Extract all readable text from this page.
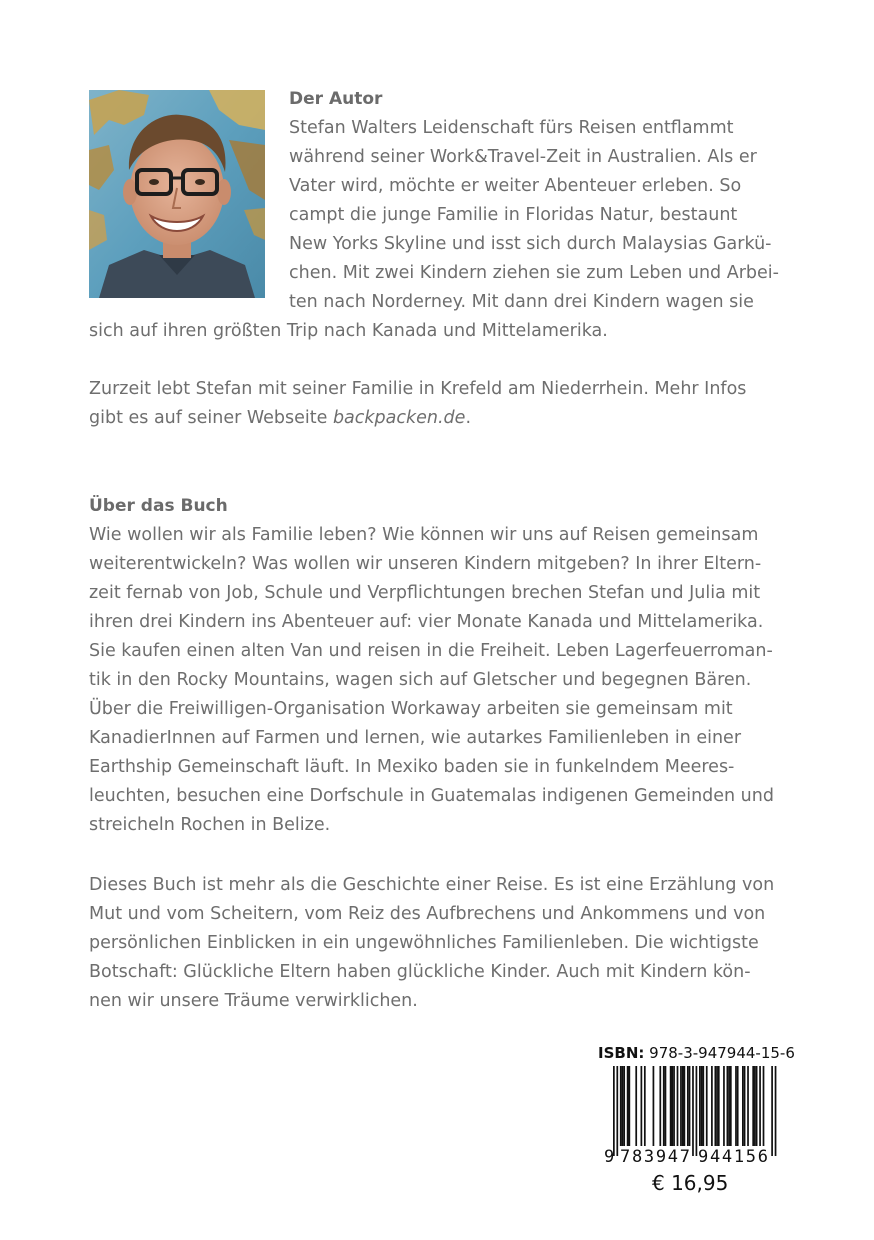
Der Autor

Stefan Walters Leidenschaft fürs Reisen entflammt

während seiner Work&Travel-Zeit in Australien. Als er

Vater wird, möchte er weiter Abenteuer erleben. So

campt die junge Familie in Floridas Natur, bestaunt

New Yorks Skyline und isst sich durch Malaysias Garkü-

chen. Mit zwei Kindern ziehen sie zum Leben und Arbei-

ten nach Norderney. Mit dann drei Kindern wagen sie

sich auf ihren größten Trip nach Kanada und Mittelamerika.

Zurzeit lebt Stefan mit seiner Familie in Krefeld am Niederrhein. Mehr Infos

gibt es auf seiner Webseite backpacken.de.

Über das Buch

Wie wollen wir als Familie leben? Wie können wir uns auf Reisen gemeinsam

weiterentwickeln? Was wollen wir unseren Kindern mitgeben? In ihrer Eltern-

zeit fernab von Job, Schule und Verpflichtungen brechen Stefan und Julia mit

ihren drei Kindern ins Abenteuer auf: vier Monate Kanada und Mittelamerika.

Sie kaufen einen alten Van und reisen in die Freiheit. Leben Lagerfeuerroman-

tik in den Rocky Mountains, wagen sich auf Gletscher und begegnen Bären.

Über die Freiwilligen-Organisation Workaway arbeiten sie gemeinsam mit

KanadierInnen auf Farmen und lernen, wie autarkes Familienleben in einer

Earthship Gemeinschaft läuft. In Mexiko baden sie in funkelndem Meeres-

leuchten, besuchen eine Dorfschule in Guatemalas indigenen Gemeinden und

streicheln Rochen in Belize.

Dieses Buch ist mehr als die Geschichte einer Reise. Es ist eine Erzählung von

Mut und vom Scheitern, vom Reiz des Aufbrechens und Ankommens und von

persönlichen Einblicken in ein ungewöhnliches Familienleben. Die wichtigste

Botschaft: Glückliche Eltern haben glückliche Kinder. Auch mit Kindern kön-

nen wir unsere Träume verwirklichen.

ISBN: 978-3-947944-15-6
9 783947 944156
€ 16,95
